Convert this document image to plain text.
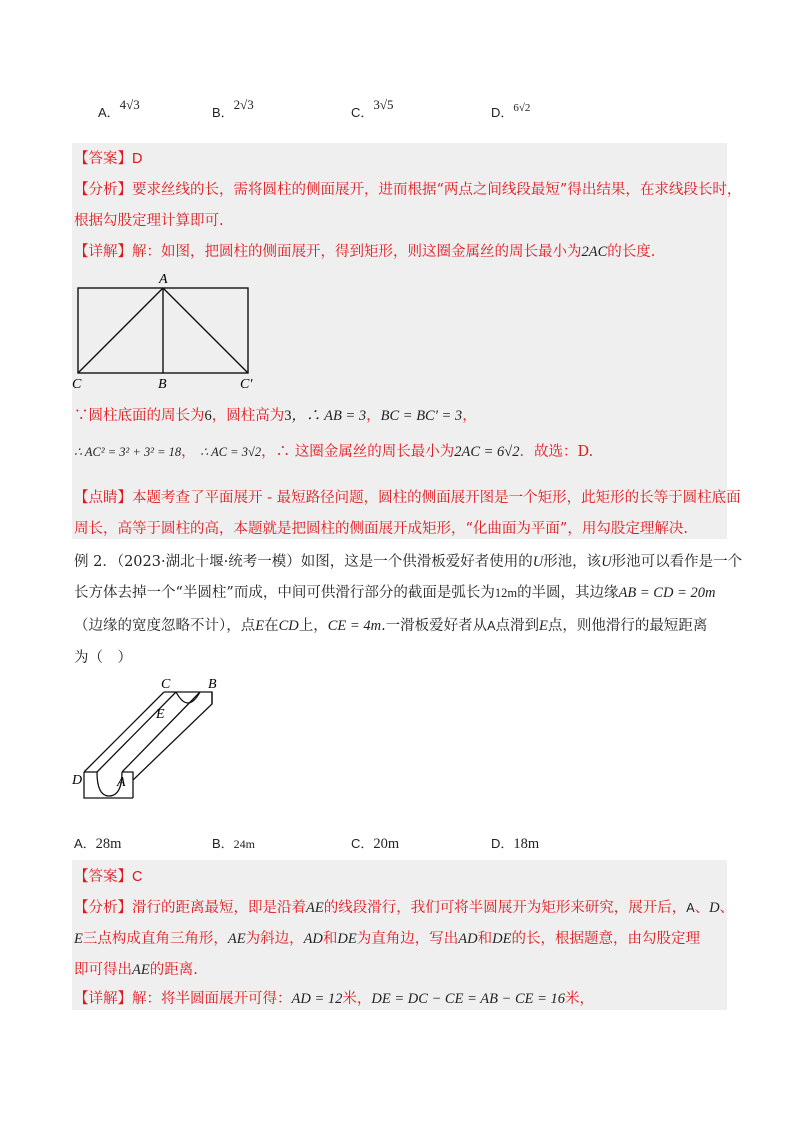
A．4√3
B．2√3
C．3√5
D．$^{6√2}$
【答案】D
【分析】要求丝线的长，需将圆柱的侧面展开，进而根据“两点之间线段最短”得出结果，在求线段长时，
根据勾股定理计算即可.
【详解】解：如图，把圆柱的侧面展开，得到矩形，则这圈金属丝的周长最小为2AC的长度.
A
C	B	C′
∵圆柱底面的周长为6，圆柱高为3，∴ AB = 3，BC = BC′ = 3，
∴ AC² = 3² + 3² = 18， ∴ AC = 3√2，∴ 这圈金属丝的周长最小为2AC = 6√2．故选：D.
【点睛】本题考查了平面展开 - 最短路径问题，圆柱的侧面展开图是一个矩形，此矩形的长等于圆柱底面
周长，高等于圆柱的高，本题就是把圆柱的侧面展开成矩形，“化曲面为平面”，用勾股定理解决.
例 2．（2023·湖北十堰·统考一模）如图，这是一个供滑板爱好者使用的U形池，该U形池可以看作是一个
长方体去掉一个“半圆柱”而成，中间可供滑行部分的截面是弧长为12m的半圆，其边缘AB = CD = 20m
（边缘的宽度忽略不计），点E在CD上，CE = 4m.一滑板爱好者从A点滑到E点，则他滑行的最短距离
为（　）
C	B
E
D A
A．28m	B．24m	C．20m	D．18m
【答案】C
【分析】滑行的距离最短，即是沿着AE的线段滑行，我们可将半圆展开为矩形来研究，展开后，A、D、
E三点构成直角三角形，AE为斜边，AD和DE为直角边，写出AD和DE的长，根据题意，由勾股定理
即可得出AE的距离.
【详解】解：将半圆面展开可得：AD = 12米，DE = DC − CE = AB − CE = 16米，
